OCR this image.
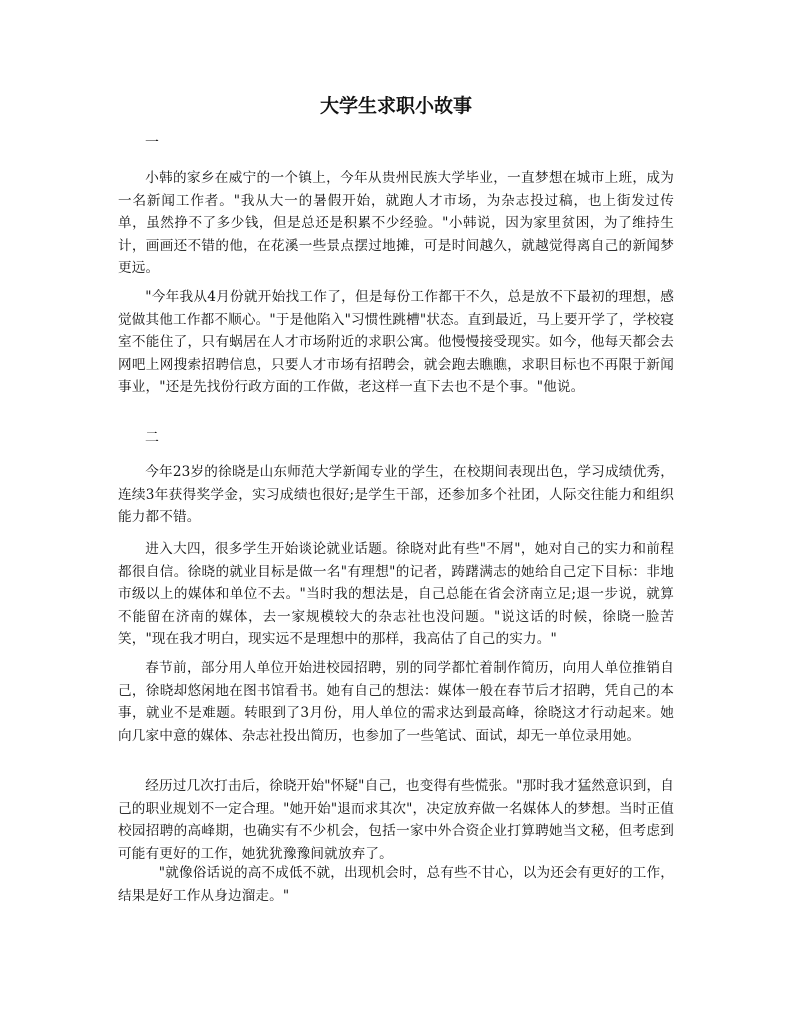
大学生求职小故事
一

小韩的家乡在威宁的一个镇上，今年从贵州民族大学毕业，一直梦想在城市上班，成为一名新闻工作者。"我从大一的暑假开始，就跑人才市场，为杂志投过稿，也上街发过传单，虽然挣不了多少钱，但是总还是积累不少经验。"小韩说，因为家里贫困，为了维持生计，画画还不错的他，在花溪一些景点摆过地摊，可是时间越久，就越觉得离自己的新闻梦更远。

"今年我从4月份就开始找工作了，但是每份工作都干不久，总是放不下最初的理想，感觉做其他工作都不顺心。"于是他陷入"习惯性跳槽"状态。直到最近，马上要开学了，学校寝室不能住了，只有蜗居在人才市场附近的求职公寓。他慢慢接受现实。如今，他每天都会去网吧上网搜索招聘信息，只要人才市场有招聘会，就会跑去瞧瞧，求职目标也不再限于新闻事业，"还是先找份行政方面的工作做，老这样一直下去也不是个事。"他说。

二

今年23岁的徐晓是山东师范大学新闻专业的学生，在校期间表现出色，学习成绩优秀，连续3年获得奖学金，实习成绩也很好;是学生干部，还参加多个社团，人际交往能力和组织能力都不错。

进入大四，很多学生开始谈论就业话题。徐晓对此有些"不屑"，她对自己的实力和前程都很自信。徐晓的就业目标是做一名"有理想"的记者，踌躇满志的她给自己定下目标：非地市级以上的媒体和单位不去。"当时我的想法是，自己总能在省会济南立足;退一步说，就算不能留在济南的媒体，去一家规模较大的杂志社也没问题。"说这话的时候，徐晓一脸苦笑，"现在我才明白，现实远不是理想中的那样，我高估了自己的实力。"

春节前，部分用人单位开始进校园招聘，别的同学都忙着制作简历，向用人单位推销自己，徐晓却悠闲地在图书馆看书。她有自己的想法：媒体一般在春节后才招聘，凭自己的本事，就业不是难题。转眼到了3月份，用人单位的需求达到最高峰，徐晓这才行动起来。她向几家中意的媒体、杂志社投出简历，也参加了一些笔试、面试，却无一单位录用她。

经历过几次打击后，徐晓开始"怀疑"自己，也变得有些慌张。"那时我才猛然意识到，自己的职业规划不一定合理。"她开始"退而求其次"，决定放弃做一名媒体人的梦想。当时正值校园招聘的高峰期，也确实有不少机会，包括一家中外合资企业打算聘她当文秘，但考虑到可能有更好的工作，她犹犹豫豫间就放弃了。

"就像俗话说的高不成低不就，出现机会时，总有些不甘心，以为还会有更好的工作，结果是好工作从身边溜走。"
